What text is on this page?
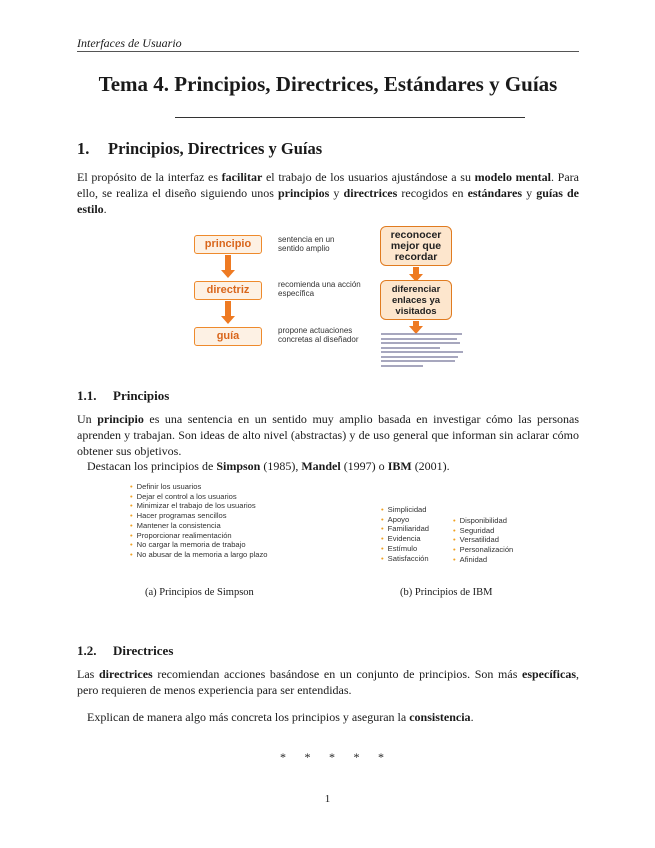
Interfaces de Usuario
Tema 4. Principios, Directrices, Estándares y Guías
1. Principios, Directrices y Guías
El propósito de la interfaz es facilitar el trabajo de los usuarios ajustándose a su modelo mental. Para ello, se realiza el diseño siguiendo unos principios y directrices recogidos en estándares y guías de estilo.
principio
directriz
guía
sentencia en un
sentido amplio
recomienda una acción
específica
propone actuaciones
concretas al diseñador
reconocer
mejor que
recordar
diferenciar
enlaces ya
visitados
1.1. Principios
Un principio es una sentencia en un sentido muy amplio basada en investigar cómo las personas aprenden y trabajan. Son ideas de alto nivel (abstractas) y de uso general que informan sin aclarar cómo obtener sus objetivos.
Destacan los principios de Simpson (1985), Mandel (1997) o IBM (2001).
• Definir los usuarios
• Dejar el control a los usuarios
• Minimizar el trabajo de los usuarios
• Hacer programas sencillos
• Mantener la consistencia
• Proporcionar realimentación
• No cargar la memoria de trabajo
• No abusar de la memoria a largo plazo
• Simplicidad
• Apoyo
• Familiaridad
• Evidencia
• Estímulo
• Satisfacción
• Disponibilidad
• Seguridad
• Versatilidad
• Personalización
• Afinidad
(a) Principios de Simpson	(b) Principios de IBM
1.2. Directrices
Las directrices recomiendan acciones basándose en un conjunto de principios. Son más específicas, pero requieren de menos experiencia para ser entendidas.
Explican de manera algo más concreta los principios y aseguran la consistencia.
* * * * *
1
